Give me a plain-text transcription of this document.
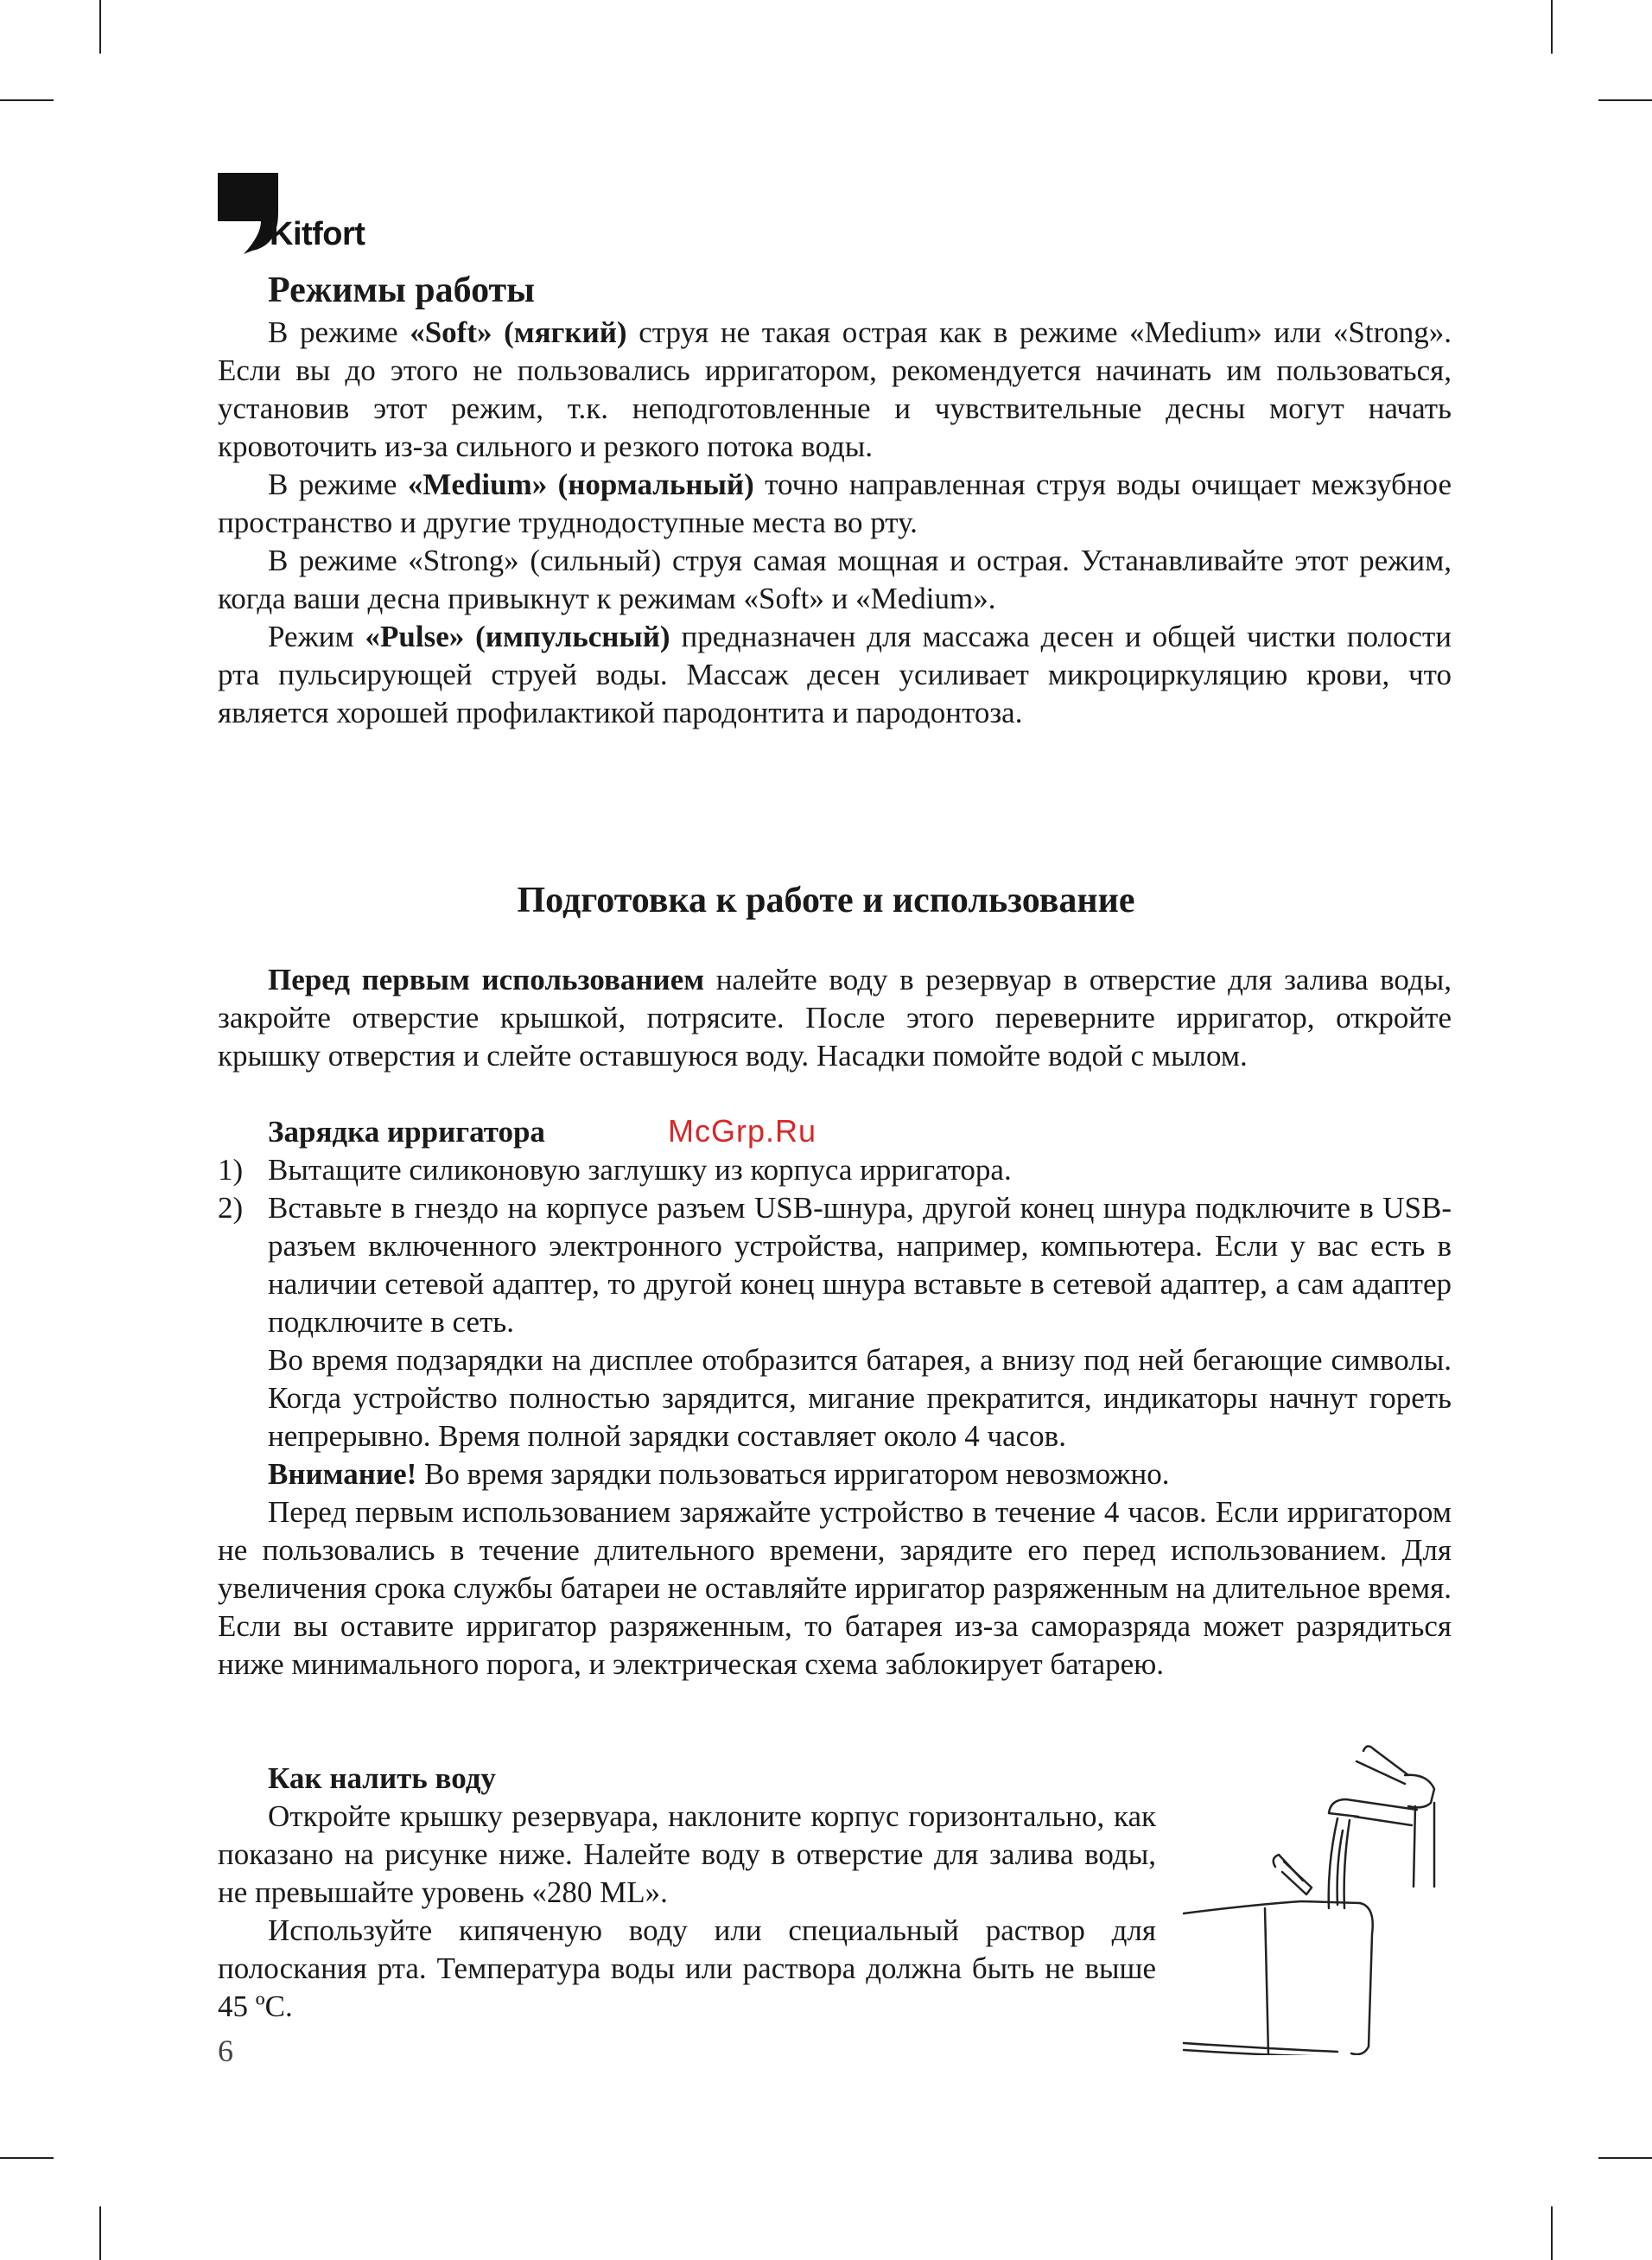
Kitfort
Режимы работы

В режиме «Soft» (мягкий) струя не такая острая как в режиме «Medium» или «Strong». Если вы до этого не пользовались ирригатором, рекомендуется начинать им пользоваться, установив этот режим, т.к. неподготовленные и чувствительные десны могут начать кровоточить из-за сильного и резкого потока воды.

В режиме «Medium» (нормальный) точно направленная струя воды очищает межзубное пространство и другие труднодоступные места во рту.

В режиме «Strong» (сильный) струя самая мощная и острая. Устанавливайте этот режим, когда ваши десна привыкнут к режимам «Soft» и «Medium».

Режим «Pulse» (импульсный) предназначен для массажа десен и общей чистки полости рта пульсирующей струей воды. Массаж десен усиливает микроциркуляцию крови, что является хорошей профилактикой пародонтита и пародонтоза.

Подготовка к работе и использование

Перед первым использованием налейте воду в резервуар в отверстие для залива воды, закройте отверстие крышкой, потрясите. После этого переверните ирригатор, откройте крышку отверстия и слейте оставшуюся воду. Насадки помойте водой с мылом.

Зарядка ирригатора
1) Вытащите силиконовую заглушку из корпуса ирригатора.
2) Вставьте в гнездо на корпусе разъем USB-шнура, другой конец шнура подключите в USB-разъем включенного электронного устройства, например, компьютера. Если у вас есть в наличии сетевой адаптер, то другой конец шнура вставьте в сетевой адаптер, а сам адаптер подключите в сеть.
Во время подзарядки на дисплее отобразится батарея, а внизу под ней бегающие символы. Когда устройство полностью зарядится, мигание прекратится, индикаторы начнут гореть непрерывно. Время полной зарядки составляет около 4 часов.
Внимание! Во время зарядки пользоваться ирригатором невозможно.

Перед первым использованием заряжайте устройство в течение 4 часов. Если ирригатором не пользовались в течение длительного времени, зарядите его перед использованием. Для увеличения срока службы батареи не оставляйте ирригатор разряженным на длительное время. Если вы оставите ирригатор разряженным, то батарея из-за саморазряда может разрядиться ниже минимального порога, и электрическая схема заблокирует батарею.

McGrp.Ru
Как налить воду

Откройте крышку резервуара, наклоните корпус горизонтально, как показано на рисунке ниже. Налейте воду в отверстие для залива воды, не превышайте уровень «280 ML».

Используйте кипяченую воду или специальный раствор для полоскания рта. Температура воды или раствора должна быть не выше 45 ºС.

6
